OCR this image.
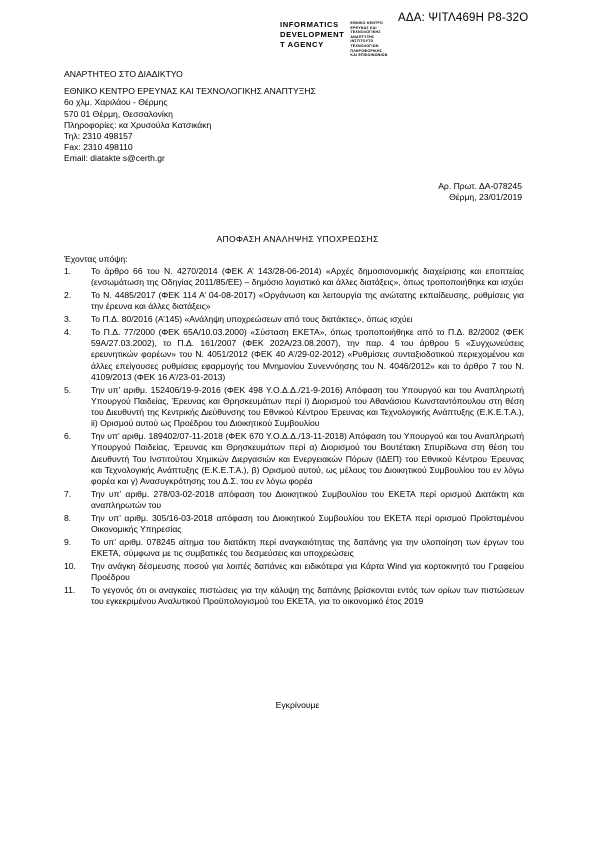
ΑΔΑ: ΨΙΤΛ469Η Ρ8-32Ο
INFORMATICS
DEVELOPMENT
T AGENCY
ΕΘΝΙΚΟ ΚΕΝΤΡΟ
ΕΡΕΥΝΑΣ ΚΑΙ
ΤΕΧΝΟΛΟΓΙΚΗΣ
ΑΝΑΠΤΥΞΗΣ
ΙΝΣΤΙΤΟΥΤΟ
ΤΕΧΝΟΛΟΓΙΩΝ
ΠΛΗΡΟΦΟΡΙΚΗΣ
ΚΑΙ ΕΠΙΚΟΙΝΩΝΙΩΝ
ΑΝΑΡΤΗΤΕΟ ΣΤΟ ΔΙΑΔΙΚΤΥΟ
ΕΘΝΙΚΟ ΚΕΝΤΡΟ ΕΡΕΥΝΑΣ ΚΑΙ ΤΕΧΝΟΛΟΓΙΚΗΣ ΑΝΑΠΤΥΞΗΣ
6ο χλμ. Χαριλάου - Θέρμης
570 01 Θέρμη, Θεσσαλονίκη
Πληροφορίες: κα Χρυσούλα Κατσικάκη
Τηλ: 2310 498157
Fax: 2310 498110
Email: diatakte s@certh.gr
Αρ. Πρωτ. ΔΑ-078245
Θέρμη, 23/01/2019
ΑΠΟΦΑΣΗ ΑΝΑΛΗΨΗΣ ΥΠΟΧΡΕΩΣΗΣ
Έχοντας υπόψη:
1.	Το άρθρο 66 του Ν. 4270/2014 (ΦΕΚ Α’ 143/28-06-2014) «Αρχές δημοσιονομικής διαχείρισης και εποπτείας (ενσωμάτωση της Οδηγίας 2011/85/ΕΕ) – δημόσιο λογιστικό και άλλες διατάξεις», όπως τροποποιήθηκε και ισχύει
2.	Το Ν. 4485/2017 (ΦΕΚ 114 Α’ 04-08-2017) «Οργάνωση και λειτουργία της ανώτατης εκπαίδευσης, ρυθμίσεις για την έρευνα και άλλες διατάξεις»
3.	Το Π.Δ. 80/2016 (Α’145) «Ανάληψη υποχρεώσεων από τους διατάκτες», όπως ισχύει
4.	Το Π.Δ. 77/2000 (ΦΕΚ 65Α/10.03.2000) «Σύσταση ΕΚΕΤΑ», όπως τροποποιήθηκε από το Π.Δ. 82/2002 (ΦΕΚ 59Α/27.03.2002), το Π.Δ. 161/2007 (ΦΕΚ 202Α/23.08.2007), την παρ. 4 του άρθρου 5 «Συγχωνεύσεις ερευνητικών φορέων» του Ν. 4051/2012 (ΦΕΚ 40 Α’/29-02-2012) «Ρυθμίσεις συνταξιοδοτικού περιεχομένου και άλλες επείγουσες ρυθμίσεις εφαρμογής του Μνημονίου Συνεννόησης του Ν. 4046/2012» και το άρθρο 7 του Ν. 4109/2013 (ΦΕΚ 16 Α’/23-01-2013)
5.	Την υπ’ αριθμ. 152406/19-9-2016 (ΦΕΚ 498 Υ.Ο.Δ.Δ./21-9-2016) Απόφαση του Υπουργού και του Αναπληρωτή Υπουργού Παιδείας, Έρευνας και Θρησκευμάτων περί i) Διορισμού του Αθανάσιου Κωνσταντόπουλου στη θέση του Διευθυντή της Κεντρικής Διεύθυνσης του Εθνικού Κέντρου Έρευνας και Τεχνολογικής Ανάπτυξης (Ε.Κ.Ε.Τ.Α.), ii) Ορισμού αυτού ως Προέδρου του Διοικητικού Συμβουλίου
6.	Την υπ’ αριθμ. 189402/07-11-2018 (ΦΕΚ 670 Υ.Ο.Δ.Δ./13-11-2018) Απόφαση του Υπουργού και του Αναπληρωτή Υπουργού Παιδείας, Έρευνας και Θρησκευμάτων περί α) Διορισμού του Βουτέτακη Σπυρίδωνα στη θέση του Διευθυντή Του Ινστιτούτου Χημικών Διεργασιών και Ενεργειακών Πόρων (ΙΔΕΠ) του Εθνικού Κέντρου Έρευνας και Τεχνολογικής Ανάπτυξης (Ε.Κ.Ε.Τ.Α.), β) Ορισμού αυτού, ως μέλους του Διοικητικού Συμβουλίου του εν λόγω φορέα και γ) Ανασυγκρότησης του Δ.Σ. του εν λόγω φορέα
7.	Την υπ’ αριθμ. 278/03-02-2018 απόφαση του Διοικητικού Συμβουλίου του ΕΚΕΤΑ περί ορισμού Διατάκτη και αναπληρωτών του
8.	Την υπ’ αριθμ. 305/16-03-2018 απόφαση του Διοικητικού Συμβουλίου του ΕΚΕΤΑ περί ορισμού Προϊσταμένου Οικονομικής Υπηρεσίας
9.	Το υπ’ αριθμ. 078245 αίτημα του διατάκτη περί αναγκαιότητας της δαπάνης για την υλοποίηση των έργων του ΕΚΕΤΑ, σύμφωνα με τις συμβατικές του δεσμεύσεις και υποχρεώσεις
10.	Την ανάγκη δέσμευσης ποσού για λοιπές δαπάνες και ειδικότερα για Κάρτα Wind για κορτοκινητό του Γραφείου Προέδρου
11.	Το γεγονός ότι οι αναγκαίες πιστώσεις για την κάλυψη της δαπάνης βρίσκονται εντός των ορίων των πιστώσεων του εγκεκριμένου Αναλυτικού Προϋπολογισμού του ΕΚΕΤΑ, για το οικονομικό έτος 2019
Εγκρίνουμε
